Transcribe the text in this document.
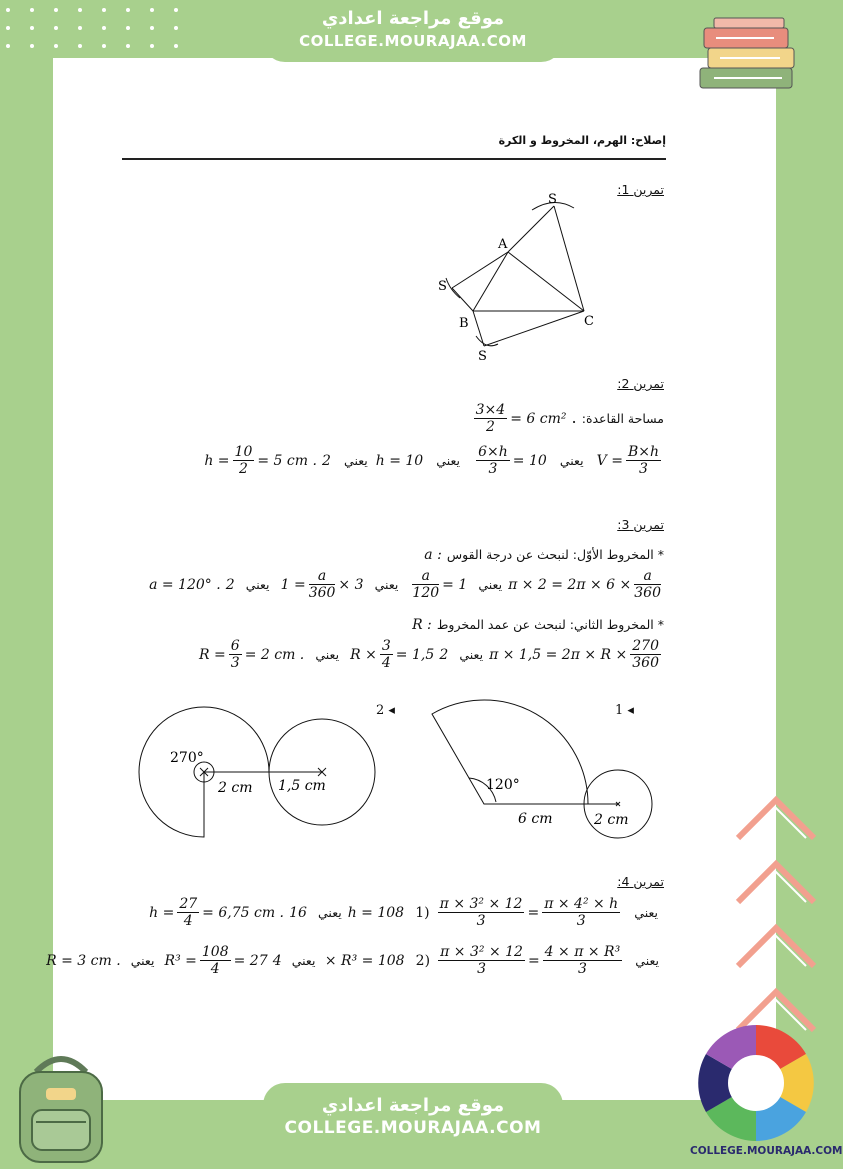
موقع مراجعة اعدادي
COLLEGE.MOURAJAA.COM
COLLEGE.MOURAJAA.COM
موقع مراجعة اعدادي
COLLEGE.MOURAJAA.COM
إصلاح: الهرم، المخروط و الكرة
تمرين 1:
S
A
S
B	C
S
تمرين 2:
مساحة القاعدة:
$\frac{3\times 4}{2} = 6$ cm² .
$h = \frac{10}{2} = 5$ cm . يعني 2h = 10	يعني 10 =
$\frac{6\times h}{3}$
يعني	$V = \frac{B\times h}{3}$
تمرين 3:
* المخروط الأوّل: لنبحث عن درجة القوس a :
a = 120° .	يعني 1 =
$\frac{a}{120}$
يعني 3 ×
$\frac{a}{360}$
= 1 يعني $2\pi \times 2 = 2\pi \times 6 \times \frac{a}{360}$
* المخروط الثاني: لنبحث عن عمد المخروط R :
$R = \frac{6}{3} = 2$ cm . يعني $R \times \frac{3}{4} = 1,5$ يعني $2\pi \times 1,5 = 2\pi \times R \times \frac{270}{360}$
270°
2 cm 1,5 cm
2 ◂
120°
6 cm	2 cm
1 ◂
تمرين 4:
$h = \frac{27}{4} = 6,75$ cm .	يعني 16h = 108	يعني
$\frac{\text{π × 4² × h}}{3}$
=
$\frac{\text{π × 3² × 12}}{3}$
(1
R = 3 cm . يعني $R^3 = \frac{108}{4} = 27$ يعني 4 × R³ = 108	يعني
$\frac{\text{4 × π × R³}}{3}$
=
$\frac{\text{π × 3² × 12}}{3}$
(2
